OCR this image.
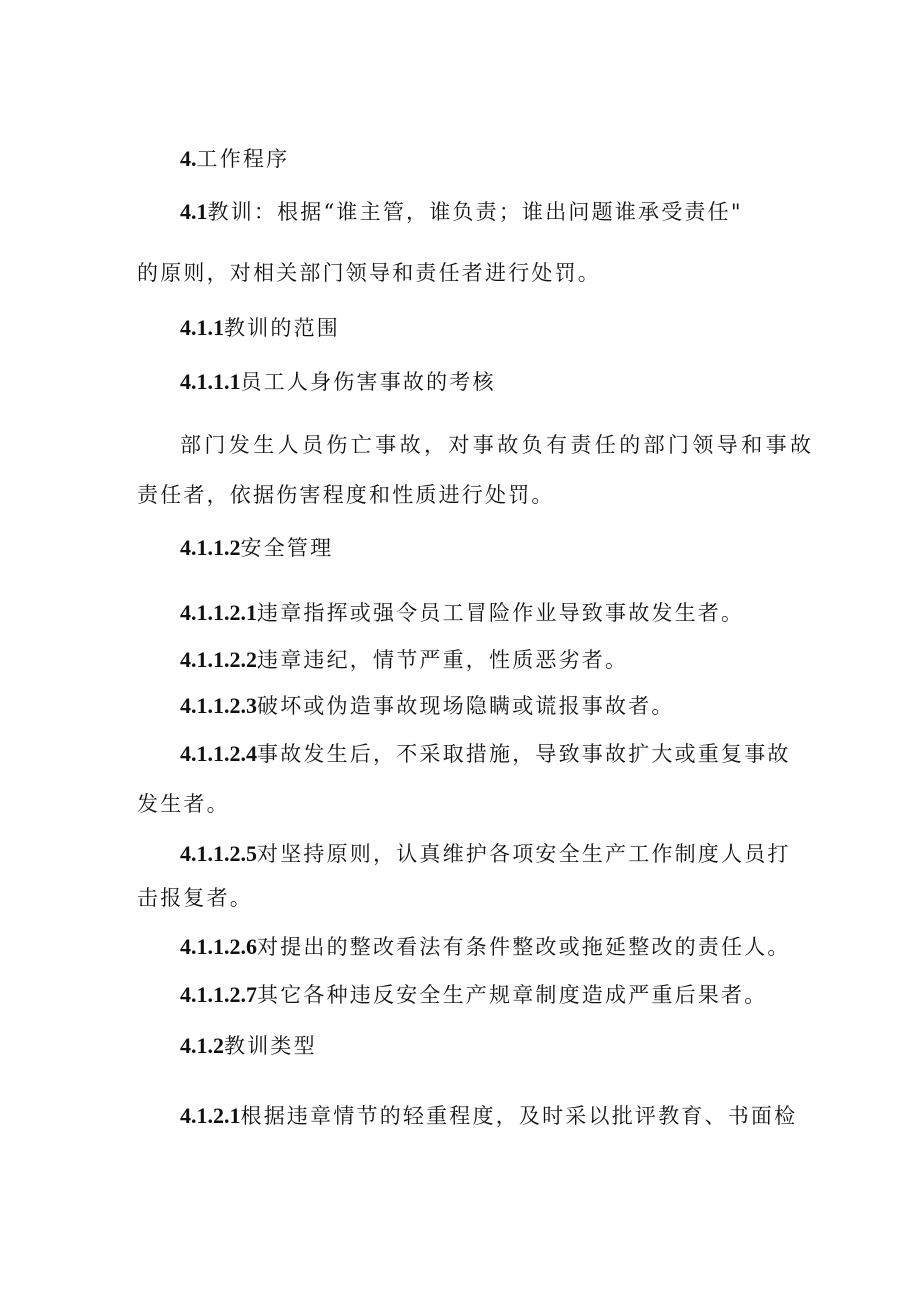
4.工作程序
4.1教训：根据“谁主管，谁负责；谁出问题谁承受责任"
的原则，对相关部门领导和责任者进行处罚。
4.1.1教训的范围
4.1.1.1员工人身伤害事故的考核
部门发生人员伤亡事故，对事故负有责任的部门领导和事故
责任者，依据伤害程度和性质进行处罚。
4.1.1.2安全管理
4.1.1.2.1违章指挥或强令员工冒险作业导致事故发生者。
4.1.1.2.2违章违纪，情节严重，性质恶劣者。
4.1.1.2.3破坏或伪造事故现场隐瞒或谎报事故者。
4.1.1.2.4事故发生后，不采取措施，导致事故扩大或重复事故
发生者。
4.1.1.2.5对坚持原则，认真维护各项安全生产工作制度人员打
击报复者。
4.1.1.2.6对提出的整改看法有条件整改或拖延整改的责任人。
4.1.1.2.7其它各种违反安全生产规章制度造成严重后果者。
4.1.2教训类型
4.1.2.1根据违章情节的轻重程度，及时采以批评教育、书面检
